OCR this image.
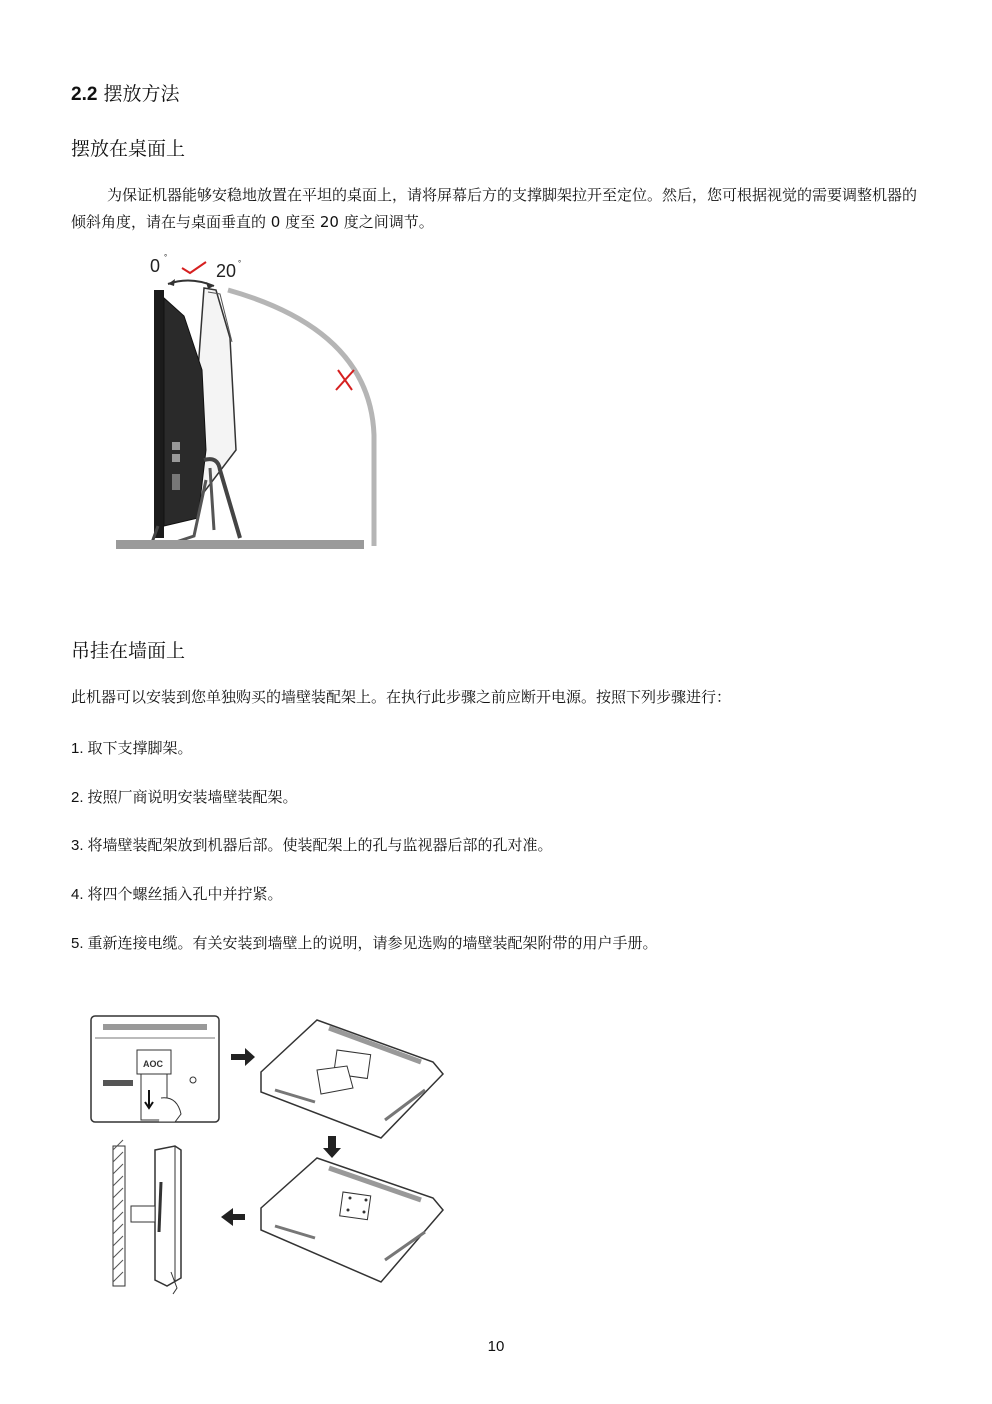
2.2 摆放方法
摆放在桌面上
为保证机器能够安稳地放置在平坦的桌面上，请将屏幕后方的支撑脚架拉开至定位。然后，您可根据视觉的需要调整机器的倾斜角度，请在与桌面垂直的 0 度至 20 度之间调节。
0 °
20 °
吊挂在墙面上
此机器可以安装到您单独购买的墙壁装配架上。在执行此步骤之前应断开电源。按照下列步骤进行：
1. 取下支撑脚架。
2. 按照厂商说明安装墙壁装配架。
3. 将墙壁装配架放到机器后部。使装配架上的孔与监视器后部的孔对准。
4. 将四个螺丝插入孔中并拧紧。
5. 重新连接电缆。有关安装到墙壁上的说明，请参见选购的墙壁装配架附带的用户手册。
AOC
10
